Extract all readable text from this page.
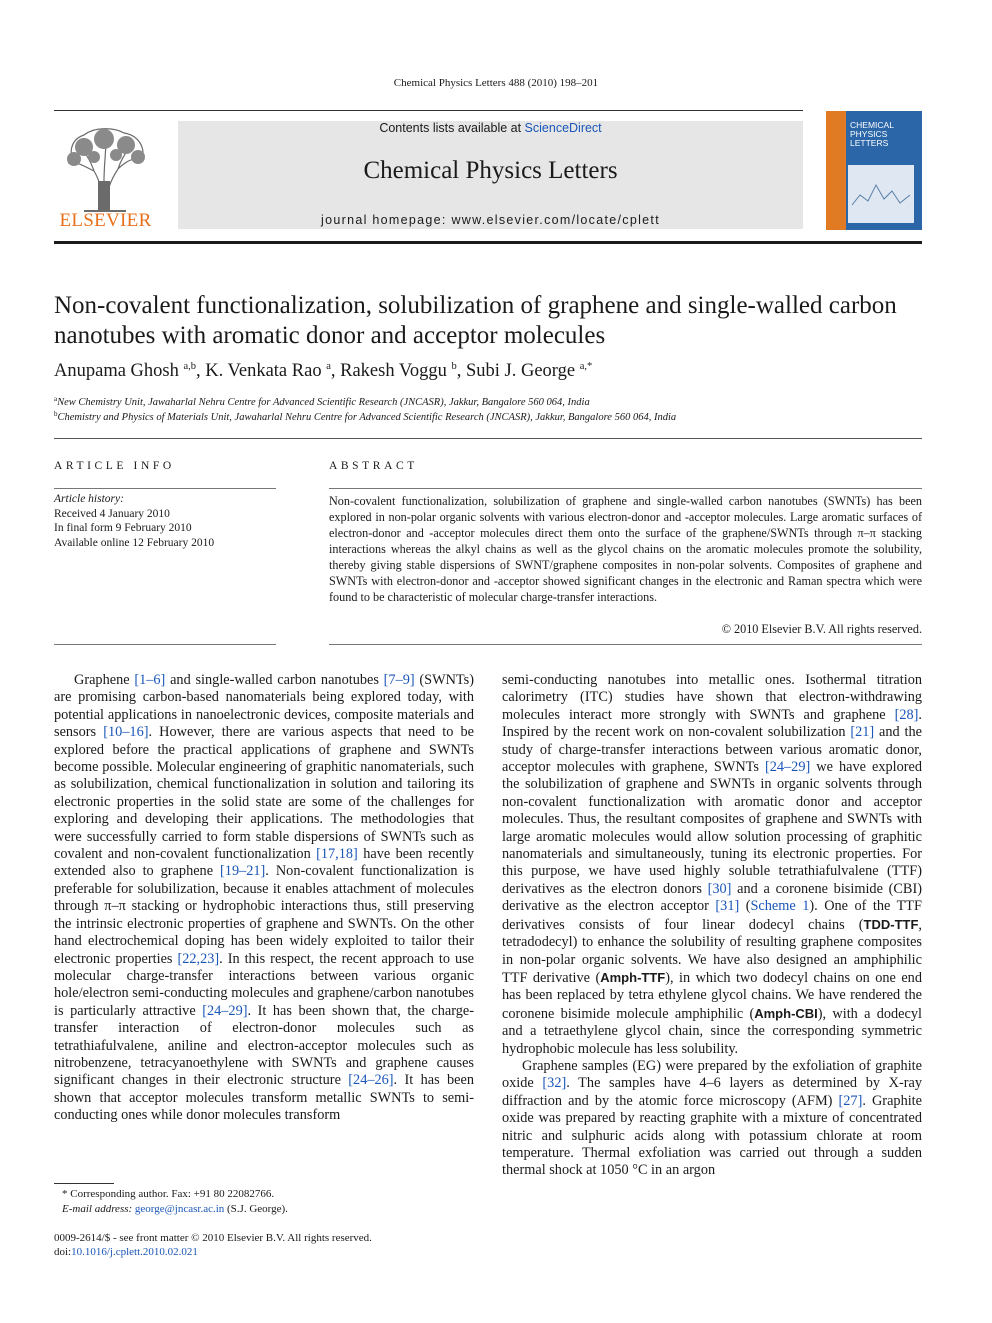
Chemical Physics Letters 488 (2010) 198–201
Contents lists available at ScienceDirect
Chemical Physics Letters
journal homepage: www.elsevier.com/locate/cplett
ELSEVIER
CHEMICAL
PHYSICS
LETTERS
Non-covalent functionalization, solubilization of graphene and single-walled carbon nanotubes with aromatic donor and acceptor molecules
Anupama Ghosh $^{a,b}$, K. Venkata Rao $^a$, Rakesh Voggu $^b$, Subi J. George $^{a,*}$
$^a$New Chemistry Unit, Jawaharlal Nehru Centre for Advanced Scientific Research (JNCASR), Jakkur, Bangalore 560 064, India
$^b$Chemistry and Physics of Materials Unit, Jawaharlal Nehru Centre for Advanced Scientific Research (JNCASR), Jakkur, Bangalore 560 064, India
ARTICLE INFO	ABSTRACT
Article history:
Received 4 January 2010
In final form 9 February 2010
Available online 12 February 2010
Non-covalent functionalization, solubilization of graphene and single-walled carbon nanotubes (SWNTs) has been explored in non-polar organic solvents with various electron-donor and -acceptor molecules. Large aromatic surfaces of electron-donor and -acceptor molecules direct them onto the surface of the graphene/SWNTs through π–π stacking interactions whereas the alkyl chains as well as the glycol chains on the aromatic molecules promote the solubility, thereby giving stable dispersions of SWNT/graphene composites in non-polar solvents. Composites of graphene and SWNTs with electron-donor and -acceptor showed significant changes in the electronic and Raman spectra which were found to be characteristic of molecular charge-transfer interactions.
© 2010 Elsevier B.V. All rights reserved.

Graphene [1–6] and single-walled carbon nanotubes [7–9] (SWNTs) are promising carbon-based nanomaterials being explored today, with potential applications in nanoelectronic devices, composite materials and sensors [10–16]. However, there are various aspects that need to be explored before the practical applications of graphene and SWNTs become possible. Molecular engineering of graphitic nanomaterials, such as solubilization, chemical functionalization in solution and tailoring its electronic properties in the solid state are some of the challenges for exploring and developing their applications. The methodologies that were successfully carried to form stable dispersions of SWNTs such as covalent and non-covalent functionalization [17,18] have been recently extended also to graphene [19–21]. Non-covalent functionalization is preferable for solubilization, because it enables attachment of molecules through π–π stacking or hydrophobic interactions thus, still preserving the intrinsic electronic properties of graphene and SWNTs. On the other hand electrochemical doping has been widely exploited to tailor their electronic properties [22,23]. In this respect, the recent approach to use molecular charge-transfer interactions between various organic hole/electron semi-conducting molecules and graphene/carbon nanotubes is particularly attractive [24–29]. It has been shown that, the charge-transfer interaction of electron-donor molecules such as tetrathiafulvalene, aniline and electron-acceptor molecules such as nitrobenzene, tetracyanoethylene with SWNTs and graphene causes significant changes in their electronic structure [24–26]. It has been shown that acceptor molecules transform metallic SWNTs to semi-conducting ones while donor molecules transform

semi-conducting nanotubes into metallic ones. Isothermal titration calorimetry (ITC) studies have shown that electron-withdrawing molecules interact more strongly with SWNTs and graphene [28]. Inspired by the recent work on non-covalent solubilization [21] and the study of charge-transfer interactions between various aromatic donor, acceptor molecules with graphene, SWNTs [24–29] we have explored the solubilization of graphene and SWNTs in organic solvents through non-covalent functionalization with aromatic donor and acceptor molecules. Thus, the resultant composites of graphene and SWNTs with large aromatic molecules would allow solution processing of graphitic nanomaterials and simultaneously, tuning its electronic properties. For this purpose, we have used highly soluble tetrathiafulvalene (TTF) derivatives as the electron donors [30] and a coronene bisimide (CBI) derivative as the electron acceptor [31] (Scheme 1). One of the TTF derivatives consists of four linear dodecyl chains (TDD-TTF, tetradodecyl) to enhance the solubility of resulting graphene composites in non-polar organic solvents. We have also designed an amphiphilic TTF derivative (Amph-TTF), in which two dodecyl chains on one end has been replaced by tetra ethylene glycol chains. We have rendered the coronene bisimide molecule amphiphilic (Amph-CBI), with a dodecyl and a tetraethylene glycol chain, since the corresponding symmetric hydrophobic molecule has less solubility.

Graphene samples (EG) were prepared by the exfoliation of graphite oxide [32]. The samples have 4–6 layers as determined by X-ray diffraction and by the atomic force microscopy (AFM) [27]. Graphite oxide was prepared by reacting graphite with a mixture of concentrated nitric and sulphuric acids along with potassium chlorate at room temperature. Thermal exfoliation was carried out through a sudden thermal shock at 1050 °C in an argon

* Corresponding author. Fax: +91 80 22082766.
E-mail address: george@jncasr.ac.in (S.J. George).
0009-2614/$ - see front matter © 2010 Elsevier B.V. All rights reserved.
doi:10.1016/j.cplett.2010.02.021
